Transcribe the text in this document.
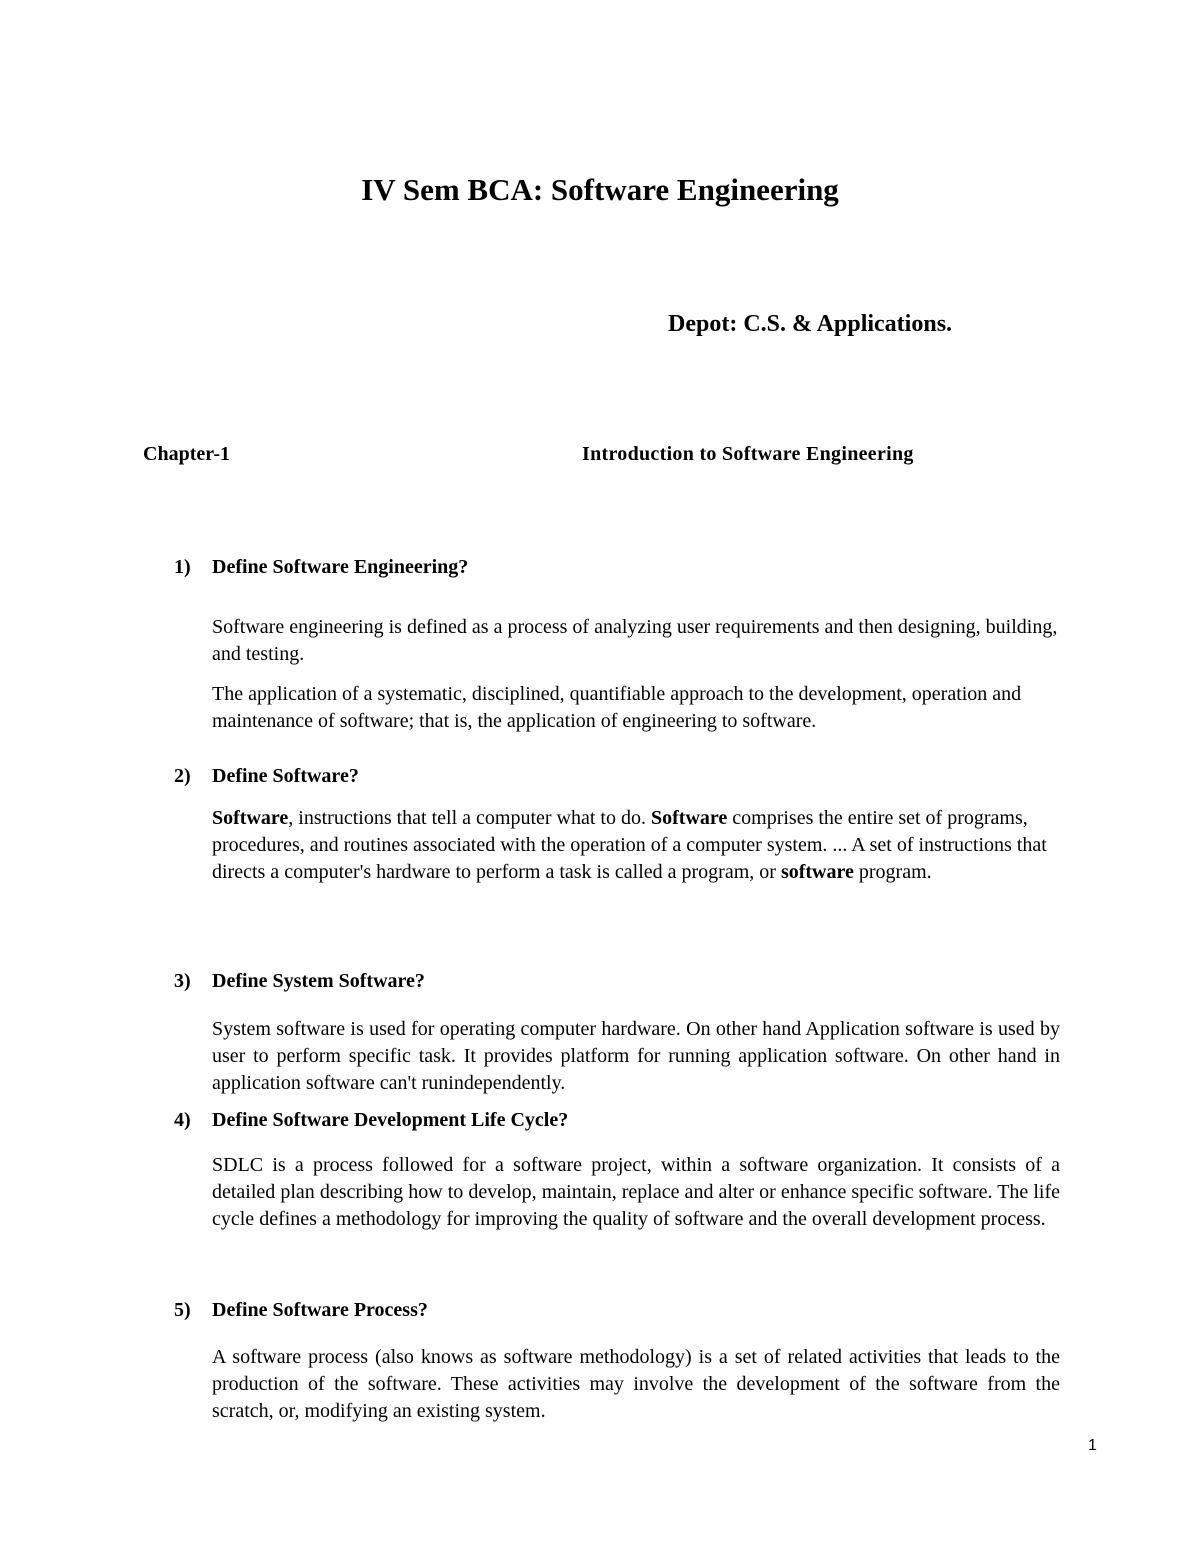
IV Sem BCA: Software Engineering
Depot: C.S. & Applications.
Chapter-1	Introduction to Software Engineering
1) Define Software Engineering?

Software engineering is defined as a process of analyzing user requirements and then designing, building, and testing.

The application of a systematic, disciplined, quantifiable approach to the development, operation and maintenance of software; that is, the application of engineering to software.

2) Define Software?

Software, instructions that tell a computer what to do. Software comprises the entire set of programs, procedures, and routines associated with the operation of a computer system. ... A set of instructions that directs a computer's hardware to perform a task is called a program, or software program.

3) Define System Software?

System software is used for operating computer hardware. On other hand Application software is used by user to perform specific task. It provides platform for running application software. On other hand in application software can't runindependently.

4) Define Software Development Life Cycle?

SDLC is a process followed for a software project, within a software organization. It consists of a detailed plan describing how to develop, maintain, replace and alter or enhance specific software. The life cycle defines a methodology for improving the quality of software and the overall development process.

5) Define Software Process?

A software process (also knows as software methodology) is a set of related activities that leads to the production of the software. These activities may involve the development of the software from the scratch, or, modifying an existing system.

1
